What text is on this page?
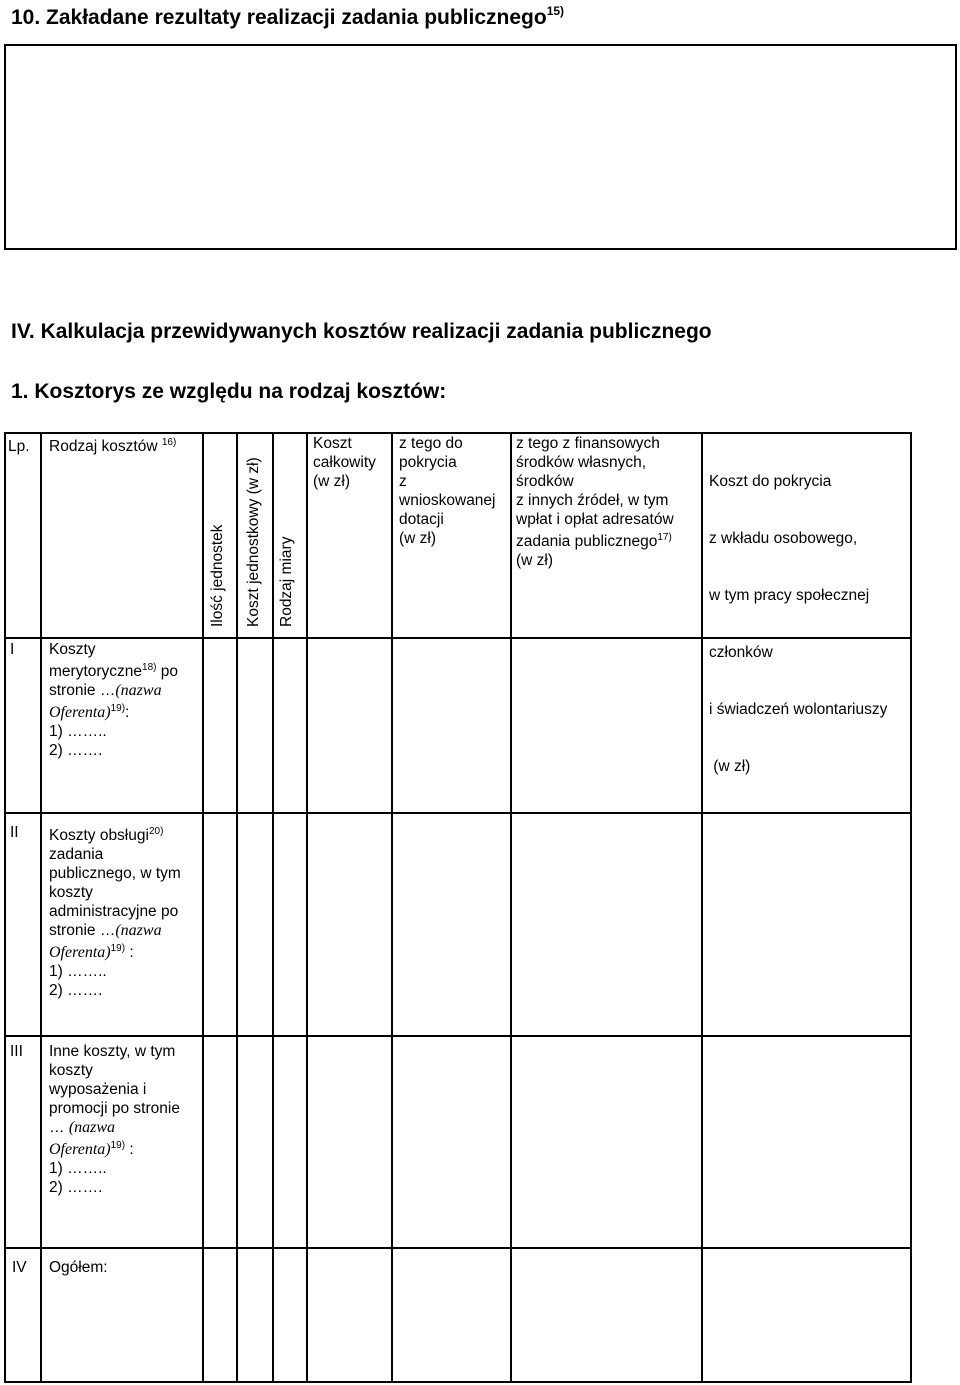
10. Zakładane rezultaty realizacji zadania publicznego$^{15)}$
IV. Kalkulacja przewidywanych kosztów realizacji zadania publicznego
1. Kosztorys ze względu na rodzaj kosztów:
Lp. Rodzaj kosztów $^{16)}$
Ilość jednostek Koszt jednostkowy (w zł) Rodzaj miary
Koszt
całkowity
(w zł)
z tego do
pokrycia
z
wnioskowanej
dotacji
(w zł)
z tego z finansowych
środków własnych,
środków
z innych źródeł, w tym
wpłat i opłat adresatów
zadania publicznego$^{17)}$
(w zł)

Koszt do pokrycia

z wkładu osobowego,

w tym pracy społecznej

członków

i świadczeń wolontariuszy

(w zł)

I Koszty
merytoryczne$^{18)}$ po
stronie …(nazwa
Oferenta)$^{19)}$:
1) ……..
2) …….
II Koszty obsługi$^{20)}$
zadania
publicznego, w tym
koszty
administracyjne po
stronie …(nazwa
Oferenta)$^{19)}$ :
1) ……..
2) …….
III Inne koszty, w tym
koszty
wyposażenia i
promocji po stronie
… (nazwa
Oferenta)$^{19)}$ :
1) ……..
2) …….
IV Ogółem:
